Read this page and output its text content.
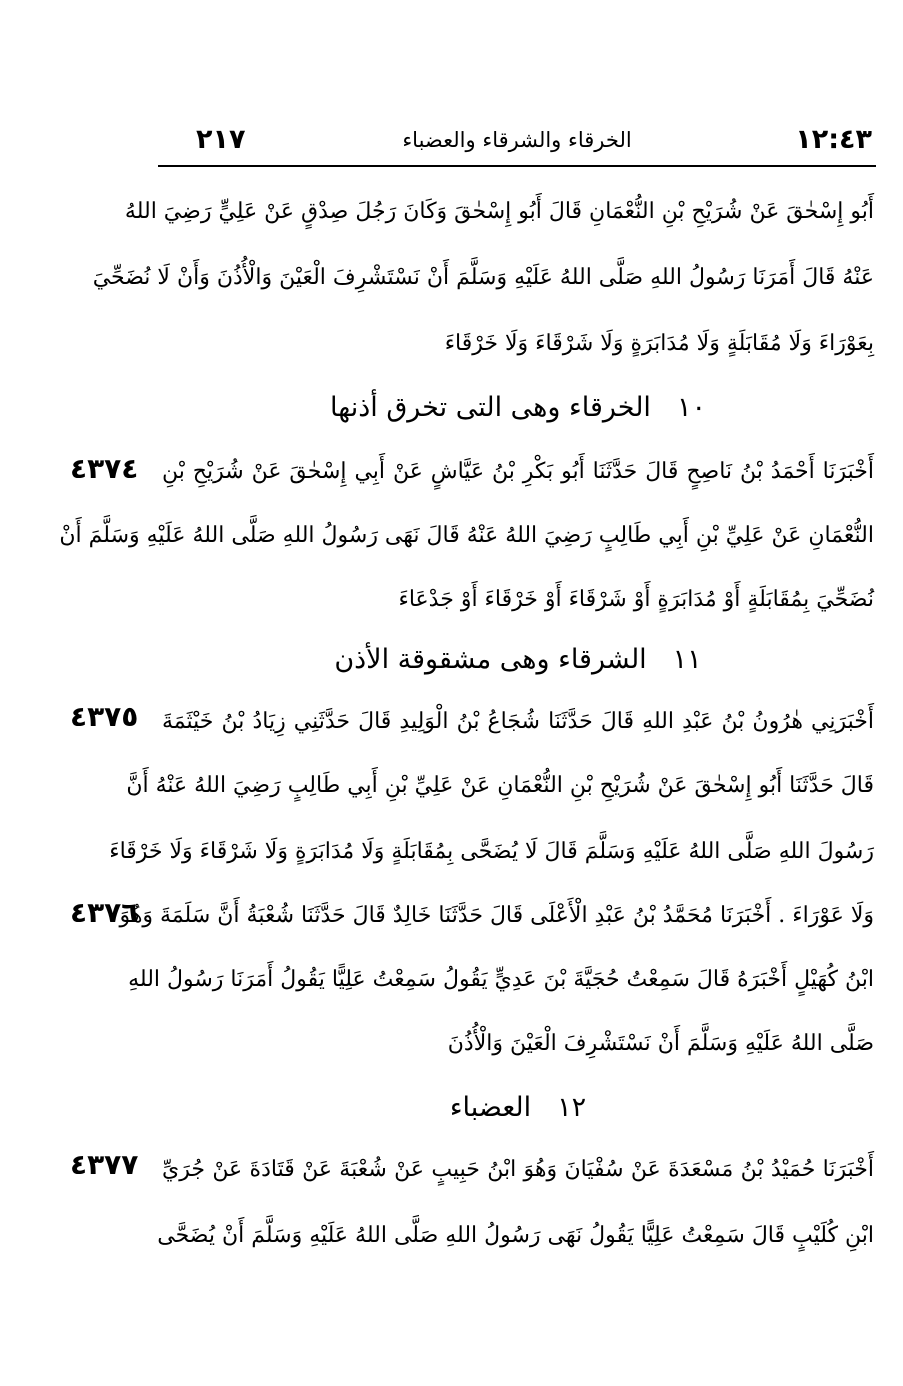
٢١٧	الخرقاء والشرقاء والعضباء	١٢:٤٣
أَبُو إِسْحٰقَ عَنْ شُرَيْحِ بْنِ النُّعْمَانِ قَالَ أَبُو إِسْحٰقَ وَكَانَ رَجُلَ صِدْقٍ عَنْ عَلِيٍّ رَضِيَ اللهُ
عَنْهُ قَالَ أَمَرَنَا رَسُولُ اللهِ صَلَّى اللهُ عَلَيْهِ وَسَلَّمَ أَنْ نَسْتَشْرِفَ الْعَيْنَ وَالْأُذُنَ وَأَنْ لَا نُضَحِّيَ
بِعَوْرَاءَ وَلَا مُقَابَلَةٍ وَلَا مُدَابَرَةٍ وَلَا شَرْقَاءَ وَلَا خَرْقَاءَ
١٠الخرقاء وهى التى تخرق أذنها
٤٣٧٤ أَخْبَرَنَا أَحْمَدُ بْنُ نَاصِحٍ قَالَ حَدَّثَنَا أَبُو بَكْرِ بْنُ عَيَّاشٍ عَنْ أَبِي إِسْحٰقَ عَنْ شُرَيْحِ بْنِ
النُّعْمَانِ عَنْ عَلِيِّ بْنِ أَبِي طَالِبٍ رَضِيَ اللهُ عَنْهُ قَالَ نَهَى رَسُولُ اللهِ صَلَّى اللهُ عَلَيْهِ وَسَلَّمَ أَنْ
نُضَحِّيَ بِمُقَابَلَةٍ أَوْ مُدَابَرَةٍ أَوْ شَرْقَاءَ أَوْ خَرْقَاءَ أَوْ جَدْعَاءَ
١١الشرقاء وهى مشقوقة الأذن
٤٣٧٥ أَخْبَرَنِي هٰرُونُ بْنُ عَبْدِ اللهِ قَالَ حَدَّثَنَا شُجَاعُ بْنُ الْوَلِيدِ قَالَ حَدَّثَنِي زِيَادُ بْنُ خَيْثَمَةَ
قَالَ حَدَّثَنَا أَبُو إِسْحٰقَ عَنْ شُرَيْحِ بْنِ النُّعْمَانِ عَنْ عَلِيِّ بْنِ أَبِي طَالِبٍ رَضِيَ اللهُ عَنْهُ أَنَّ
رَسُولَ اللهِ صَلَّى اللهُ عَلَيْهِ وَسَلَّمَ قَالَ لَا يُضَحَّى بِمُقَابَلَةٍ وَلَا مُدَابَرَةٍ وَلَا شَرْقَاءَ وَلَا خَرْقَاءَ
٤٣٧٦
وَلَا عَوْرَاءَ . أَخْبَرَنَا مُحَمَّدُ بْنُ عَبْدِ الْأَعْلَى قَالَ حَدَّثَنَا خَالِدٌ قَالَ حَدَّثَنَا شُعْبَةُ أَنَّ سَلَمَةَ وَهُوَ
ابْنُ كُهَيْلٍ أَخْبَرَهُ قَالَ سَمِعْتُ حُجَيَّةَ بْنَ عَدِيٍّ يَقُولُ سَمِعْتُ عَلِيًّا يَقُولُ أَمَرَنَا رَسُولُ اللهِ
صَلَّى اللهُ عَلَيْهِ وَسَلَّمَ أَنْ نَسْتَشْرِفَ الْعَيْنَ وَالْأُذُنَ
١٢العضباء
٤٣٧٧ أَخْبَرَنَا حُمَيْدُ بْنُ مَسْعَدَةَ عَنْ سُفْيَانَ وَهُوَ ابْنُ حَبِيبٍ عَنْ شُعْبَةَ عَنْ قَتَادَةَ عَنْ جُرَيِّ
ابْنِ كُلَيْبٍ قَالَ سَمِعْتُ عَلِيًّا يَقُولُ نَهَى رَسُولُ اللهِ صَلَّى اللهُ عَلَيْهِ وَسَلَّمَ أَنْ يُضَحَّى
